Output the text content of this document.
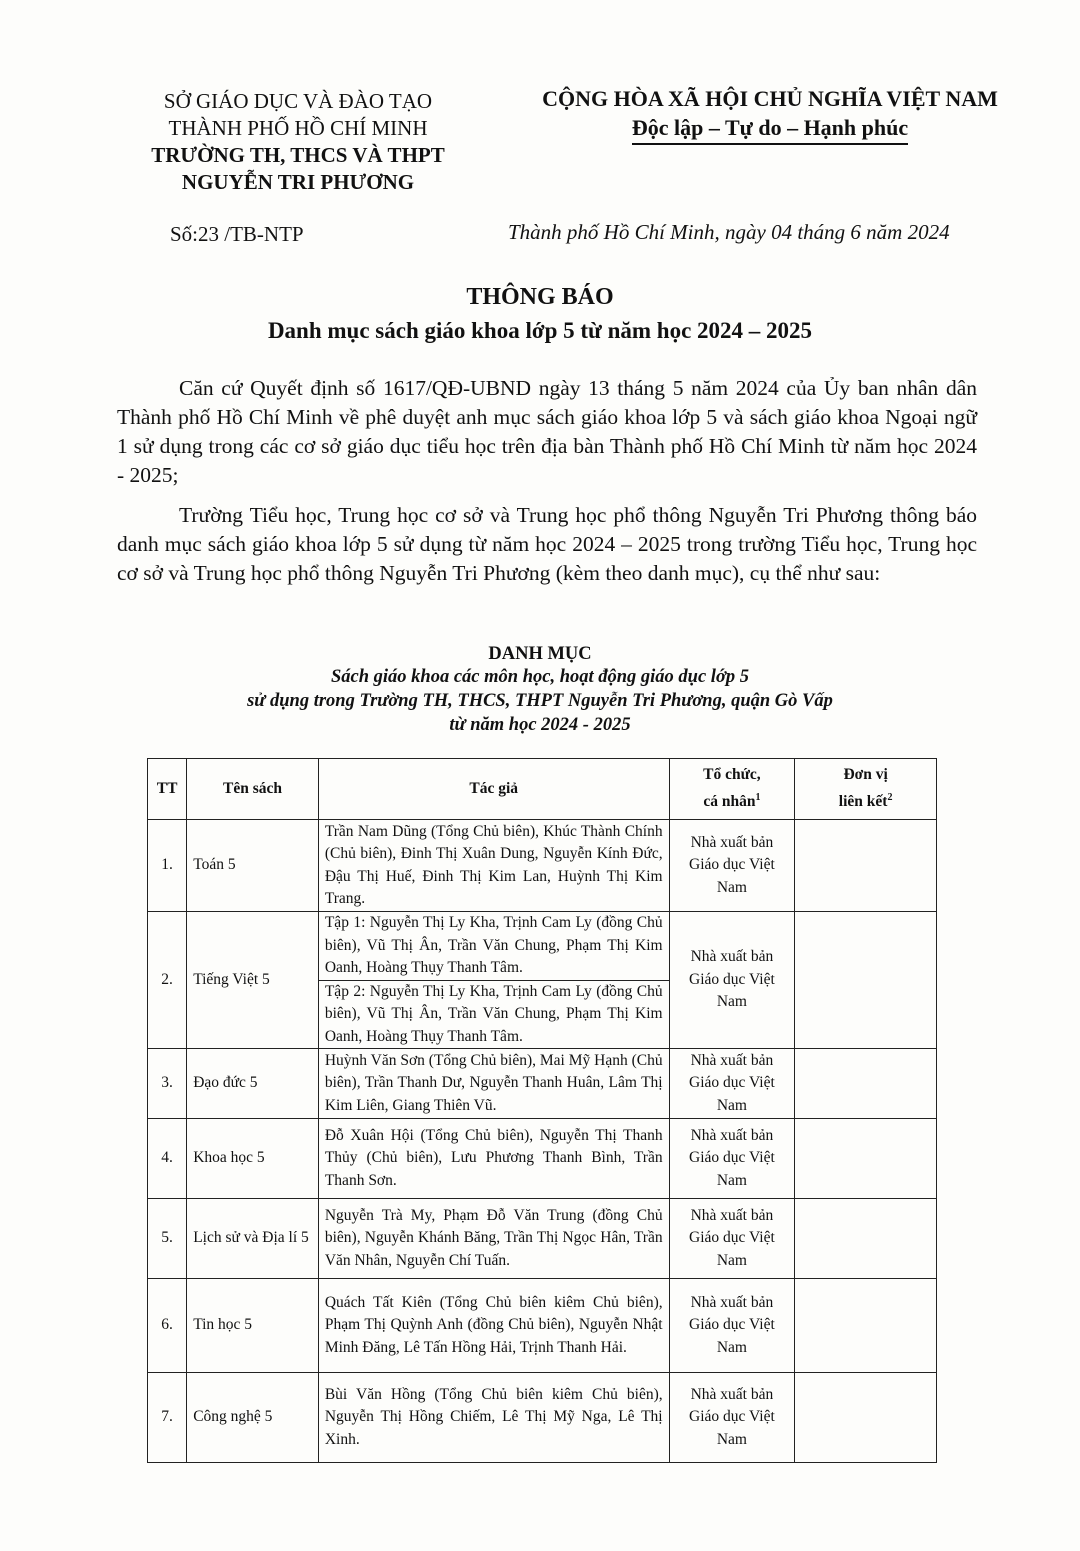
SỞ GIÁO DỤC VÀ ĐÀO TẠO
THÀNH PHỐ HỒ CHÍ MINH
TRƯỜNG TH, THCS VÀ THPT
NGUYỄN TRI PHƯƠNG
CỘNG HÒA XÃ HỘI CHỦ NGHĨA VIỆT NAM
Độc lập – Tự do – Hạnh phúc
Số:23 /TB-NTP	Thành phố Hồ Chí Minh, ngày 04 tháng 6 năm 2024
THÔNG BÁO
Danh mục sách giáo khoa lớp 5 từ năm học 2024 – 2025
Căn cứ Quyết định số 1617/QĐ-UBND ngày 13 tháng 5 năm 2024 của Ủy ban nhân dân Thành phố Hồ Chí Minh về phê duyệt anh mục sách giáo khoa lớp 5 và sách giáo khoa Ngoại ngữ 1 sử dụng trong các cơ sở giáo dục tiểu học trên địa bàn Thành phố Hồ Chí Minh từ năm học 2024 - 2025;
Trường Tiểu học, Trung học cơ sở và Trung học phổ thông Nguyễn Tri Phương thông báo danh mục sách giáo khoa lớp 5 sử dụng từ năm học 2024 – 2025 trong trường Tiểu học, Trung học cơ sở và Trung học phổ thông Nguyễn Tri Phương (kèm theo danh mục), cụ thể như sau:
DANH MỤC
Sách giáo khoa các môn học, hoạt động giáo dục lớp 5
sử dụng trong Trường TH, THCS, THPT Nguyễn Tri Phương, quận Gò Vấp
từ năm học 2024 - 2025
TT	Tên sách	Tác giả	Tổ chức,
cá nhân$^1$	Đơn vị
liên kết$^2$
1.	Toán 5	Trần Nam Dũng (Tổng Chủ biên), Khúc Thành Chính (Chủ biên), Đinh Thị Xuân Dung, Nguyễn Kính Đức, Đậu Thị Huế, Đinh Thị Kim Lan, Huỳnh Thị Kim Trang.	Nhà xuất bản Giáo dục Việt Nam	
2.	Tiếng Việt 5	Tập 1: Nguyễn Thị Ly Kha, Trịnh Cam Ly (đồng Chủ biên), Vũ Thị Ân, Trần Văn Chung, Phạm Thị Kim Oanh, Hoàng Thụy Thanh Tâm.	Nhà xuất bản Giáo dục Việt Nam	
		Tập 2: Nguyễn Thị Ly Kha, Trịnh Cam Ly (đồng Chủ biên), Vũ Thị Ân, Trần Văn Chung, Phạm Thị Kim Oanh, Hoàng Thụy Thanh Tâm.		
3.	Đạo đức 5	Huỳnh Văn Sơn (Tổng Chủ biên), Mai Mỹ Hạnh (Chủ biên), Trần Thanh Dư, Nguyễn Thanh Huân, Lâm Thị Kim Liên, Giang Thiên Vũ.	Nhà xuất bản Giáo dục Việt Nam	
4.	Khoa học 5	Đỗ Xuân Hội (Tổng Chủ biên), Nguyễn Thị Thanh Thủy (Chủ biên), Lưu Phương Thanh Bình, Trần Thanh Sơn.	Nhà xuất bản Giáo dục Việt Nam	
5.	Lịch sử và Địa lí 5	Nguyễn Trà My, Phạm Đỗ Văn Trung (đồng Chủ biên), Nguyễn Khánh Băng, Trần Thị Ngọc Hân, Trần Văn Nhân, Nguyễn Chí Tuấn.	Nhà xuất bản Giáo dục Việt Nam	
6.	Tin học 5	Quách Tất Kiên (Tổng Chủ biên kiêm Chủ biên), Phạm Thị Quỳnh Anh (đồng Chủ biên), Nguyễn Nhật Minh Đăng, Lê Tấn Hồng Hải, Trịnh Thanh Hải.	Nhà xuất bản Giáo dục Việt Nam	
7.	Công nghệ 5	Bùi Văn Hồng (Tổng Chủ biên kiêm Chủ biên), Nguyễn Thị Hồng Chiếm, Lê Thị Mỹ Nga, Lê Thị Xinh.	Nhà xuất bản Giáo dục Việt Nam	
